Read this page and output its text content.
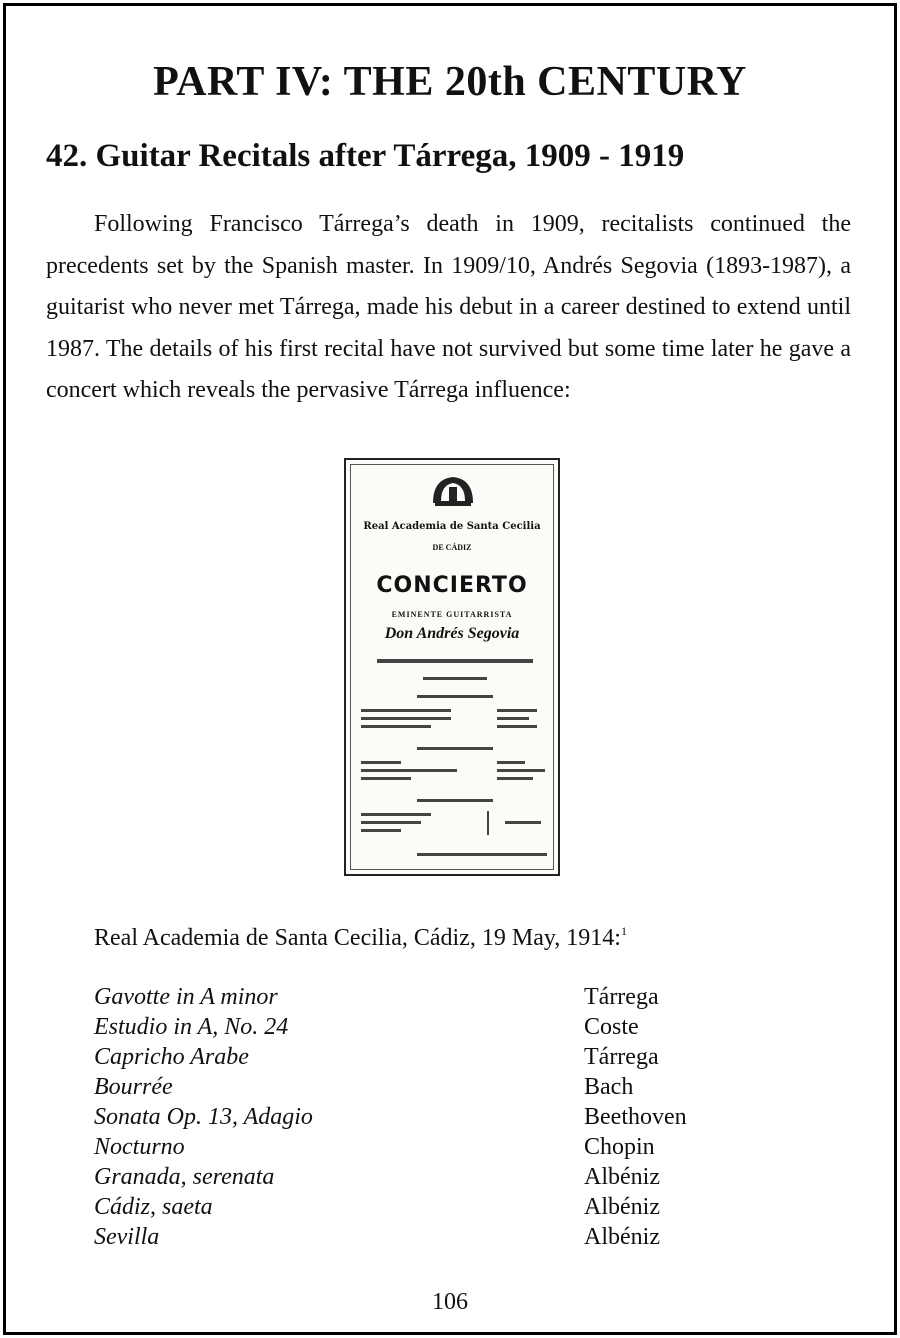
PART IV: THE 20th CENTURY
42. Guitar Recitals after Tárrega, 1909 - 1919

Following Francisco Tárrega’s death in 1909, recitalists continued the precedents set by the Spanish master. In 1909/10, Andrés Segovia (1893-1987), a guitarist who never met Tárrega, made his debut in a career destined to extend until 1987. The details of his first recital have not survived but some time later he gave a concert which reveals the pervasive Tárrega influence:

Real Academia de Santa Cecilia
DE CÁDIZ
CONCIERTO
EMINENTE GUITARRISTA
Don Andrés Segovia

Real Academia de Santa Cecilia, Cádiz, 19 May, 1914:$^1$

Gavotte in A minor	Tárrega
Estudio in A, No. 24	Coste
Capricho Arabe	Tárrega
Bourrée	Bach
Sonata Op. 13, Adagio	Beethoven
Nocturno	Chopin
Granada, serenata	Albéniz
Cádiz, saeta	Albéniz
Sevilla	Albéniz
106
